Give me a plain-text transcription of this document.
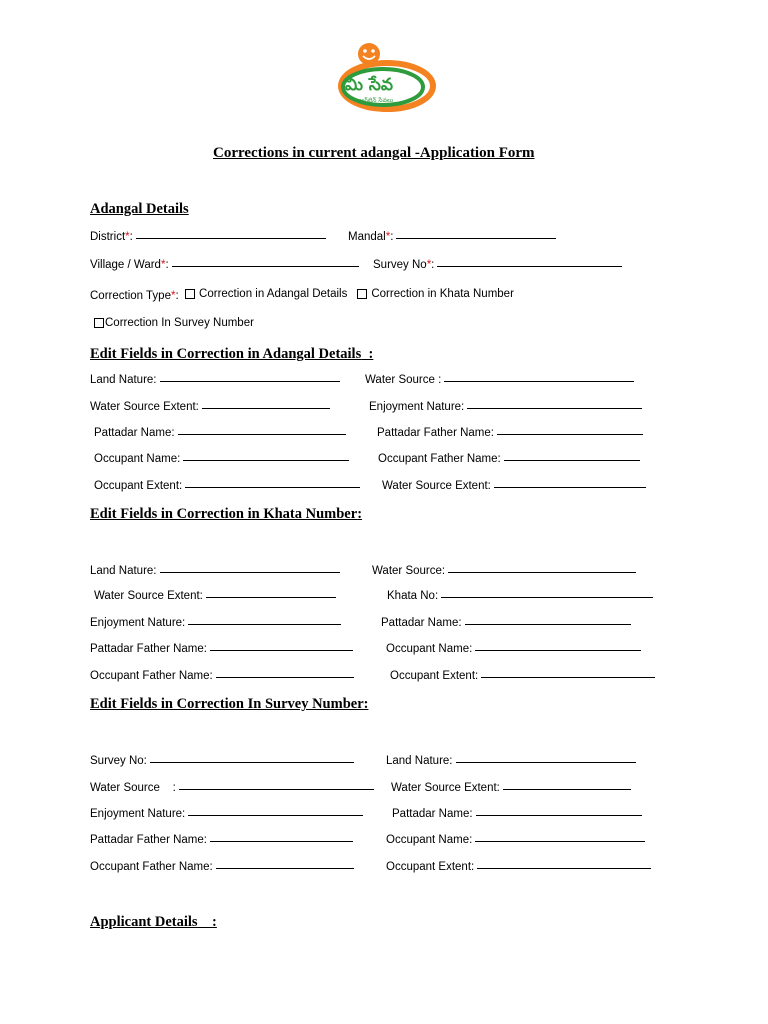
మీ సేవ
ఆన్‌లైన్ సేవలు
Corrections in current adangal -Application Form
Adangal Details
District * :	Mandal * :
Village / Ward * :	Survey No * :
Correction Type * : Correction in Adangal Details Correction in Khata Number
Correction In Survey Number
Edit Fields in Correction in Adangal Details :
Land Nature:	Water Source :
Water Source Extent:	Enjoyment Nature:
Pattadar Name:	Pattadar Father Name:
Occupant Name:	Occupant Father Name:
Occupant Extent:	Water Source Extent:
Edit Fields in Correction in Khata Number:
Land Nature:	Water Source:
Water Source Extent:	Khata No:
Enjoyment Nature:	Pattadar Name:
Pattadar Father Name:	Occupant Name:
Occupant Father Name:	Occupant Extent:
Edit Fields in Correction In Survey Number:
Survey No:	Land Nature:
Water Source    :	Water Source Extent:
Enjoyment Nature:	Pattadar Name:
Pattadar Father Name:	Occupant Name:
Occupant Father Name:	Occupant Extent:
Applicant Details :
